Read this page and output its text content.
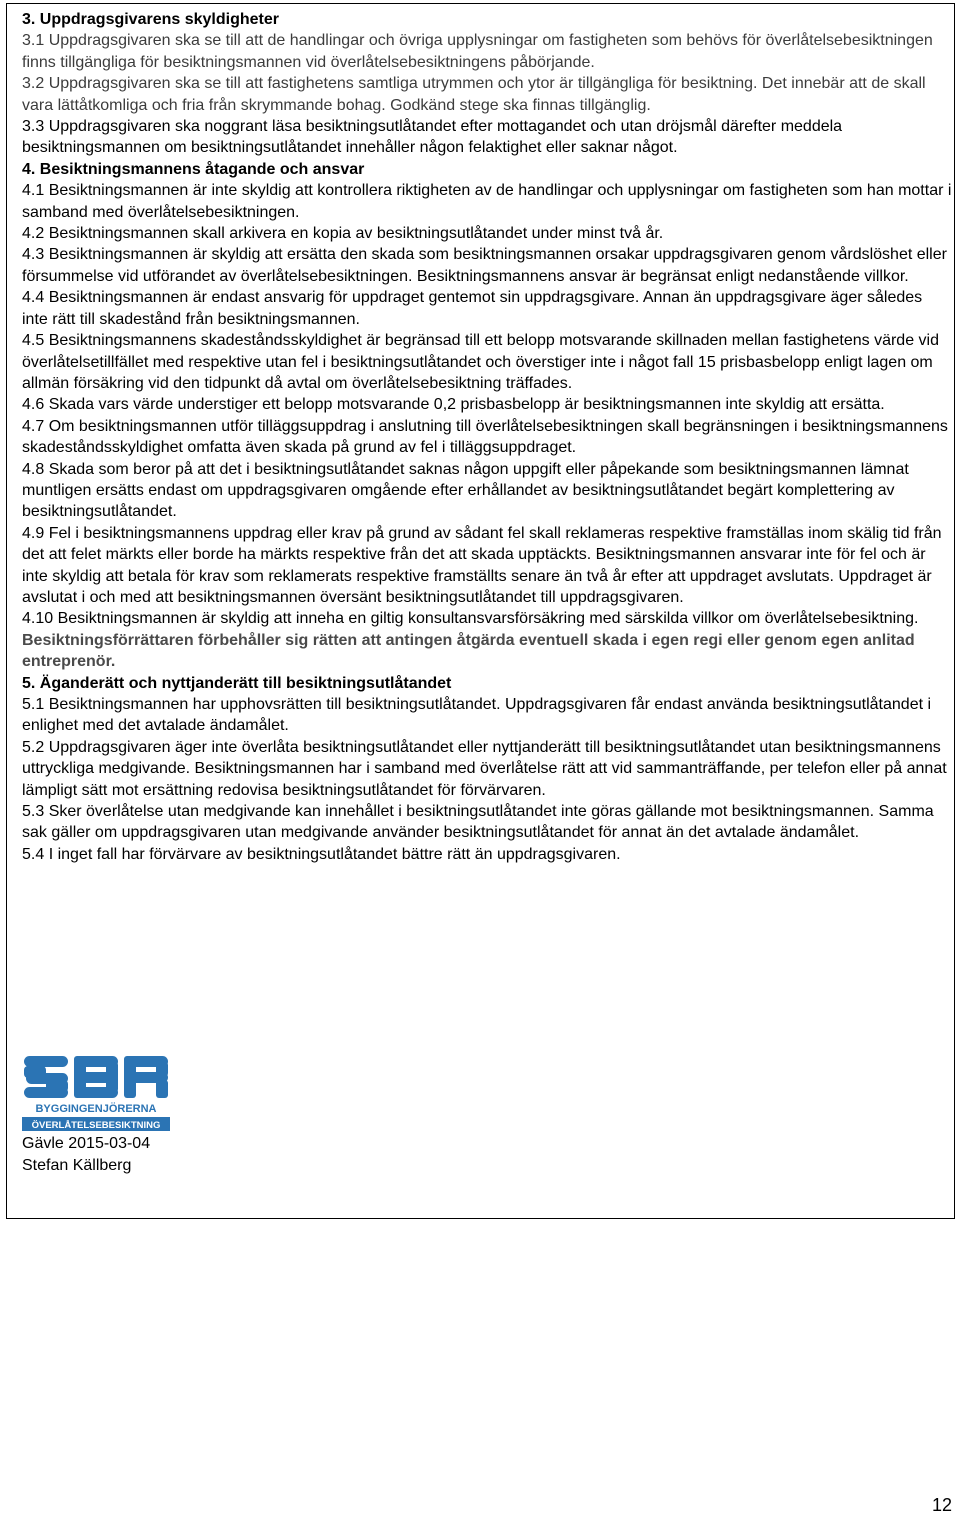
3. Uppdragsgivarens skyldigheter

3.1 Uppdragsgivaren ska se till att de handlingar och övriga upplysningar om fastigheten som behövs för överlåtelsebesiktningen finns tillgängliga för besiktningsmannen vid överlåtelsebesiktningens påbörjande.

3.2 Uppdragsgivaren ska se till att fastighetens samtliga utrymmen och ytor är tillgängliga för besiktning. Det innebär att de skall vara lättåtkomliga och fria från skrymmande bohag. Godkänd stege ska finnas tillgänglig.

3.3 Uppdragsgivaren ska noggrant läsa besiktningsutlåtandet efter mottagandet och utan dröjsmål därefter meddela besiktningsmannen om besiktningsutlåtandet innehåller någon felaktighet eller saknar något.

4. Besiktningsmannens åtagande och ansvar

4.1 Besiktningsmannen är inte skyldig att kontrollera riktigheten av de handlingar och upplysningar om fastigheten som han mottar i samband med överlåtelsebesiktningen.

4.2 Besiktningsmannen skall arkivera en kopia av besiktningsutlåtandet under minst två år.

4.3 Besiktningsmannen är skyldig att ersätta den skada som besiktningsmannen orsakar uppdragsgivaren genom vårdslöshet eller försummelse vid utförandet av överlåtelsebesiktningen. Besiktningsmannens ansvar är begränsat enligt nedanstående villkor.

4.4 Besiktningsmannen är endast ansvarig för uppdraget gentemot sin uppdragsgivare. Annan än uppdragsgivare äger således inte rätt till skadestånd från besiktningsmannen.

4.5 Besiktningsmannens skadeståndsskyldighet är begränsad till ett belopp motsvarande skillnaden mellan fastighetens värde vid överlåtelsetillfället med respektive utan fel i besiktningsutlåtandet och överstiger inte i något fall 15 prisbasbelopp enligt lagen om allmän försäkring vid den tidpunkt då avtal om överlåtelsebesiktning träffades.

4.6 Skada vars värde understiger ett belopp motsvarande 0,2 prisbasbelopp är besiktningsmannen inte skyldig att ersätta.

4.7 Om besiktningsmannen utför tilläggsuppdrag i anslutning till överlåtelsebesiktningen skall begränsningen i besiktningsmannens skadeståndsskyldighet omfatta även skada på grund av fel i tilläggsuppdraget.

4.8 Skada som beror på att det i besiktningsutlåtandet saknas någon uppgift eller påpekande som besiktningsmannen lämnat muntligen ersätts endast om uppdragsgivaren omgående efter erhållandet av besiktningsutlåtandet begärt komplettering av besiktningsutlåtandet.

4.9 Fel i besiktningsmannens uppdrag eller krav på grund av sådant fel skall reklameras respektive framställas inom skälig tid från det att felet märkts eller borde ha märkts respektive från det att skada upptäckts. Besiktningsmannen ansvarar inte för fel och är inte skyldig att betala för krav som reklamerats respektive framställts senare än två år efter att uppdraget avslutats. Uppdraget är avslutat i och med att besiktningsmannen översänt besiktningsutlåtandet till uppdragsgivaren.

4.10 Besiktningsmannen är skyldig att inneha en giltig konsultansvarsförsäkring med särskilda villkor om överlåtelsebesiktning.

Besiktningsförrättaren förbehåller sig rätten att antingen åtgärda eventuell skada i egen regi eller genom egen anlitad entreprenör.

5. Äganderätt och nyttjanderätt till besiktningsutlåtandet

5.1 Besiktningsmannen har upphovsrätten till besiktningsutlåtandet. Uppdragsgivaren får endast använda besiktningsutlåtandet i enlighet med det avtalade ändamålet.

5.2 Uppdragsgivaren äger inte överlåta besiktningsutlåtandet eller nyttjanderätt till besiktningsutlåtandet utan besiktningsmannens uttryckliga medgivande. Besiktningsmannen har i samband med överlåtelse rätt att vid sammanträffande, per telefon eller på annat lämpligt sätt mot ersättning redovisa besiktningsutlåtandet för förvärvaren.

5.3 Sker överlåtelse utan medgivande kan innehållet i besiktningsutlåtandet inte göras gällande mot besiktningsmannen. Samma sak gäller om uppdragsgivaren utan medgivande använder besiktningsutlåtandet för annat än det avtalade ändamålet.

5.4 I inget fall har förvärvare av besiktningsutlåtandet bättre rätt än uppdragsgivaren.

BYGGINGENJÖRERNA
ÖVERLÅTELSEBESIKTNING
Gävle 2015-03-04
Stefan Källberg
12
